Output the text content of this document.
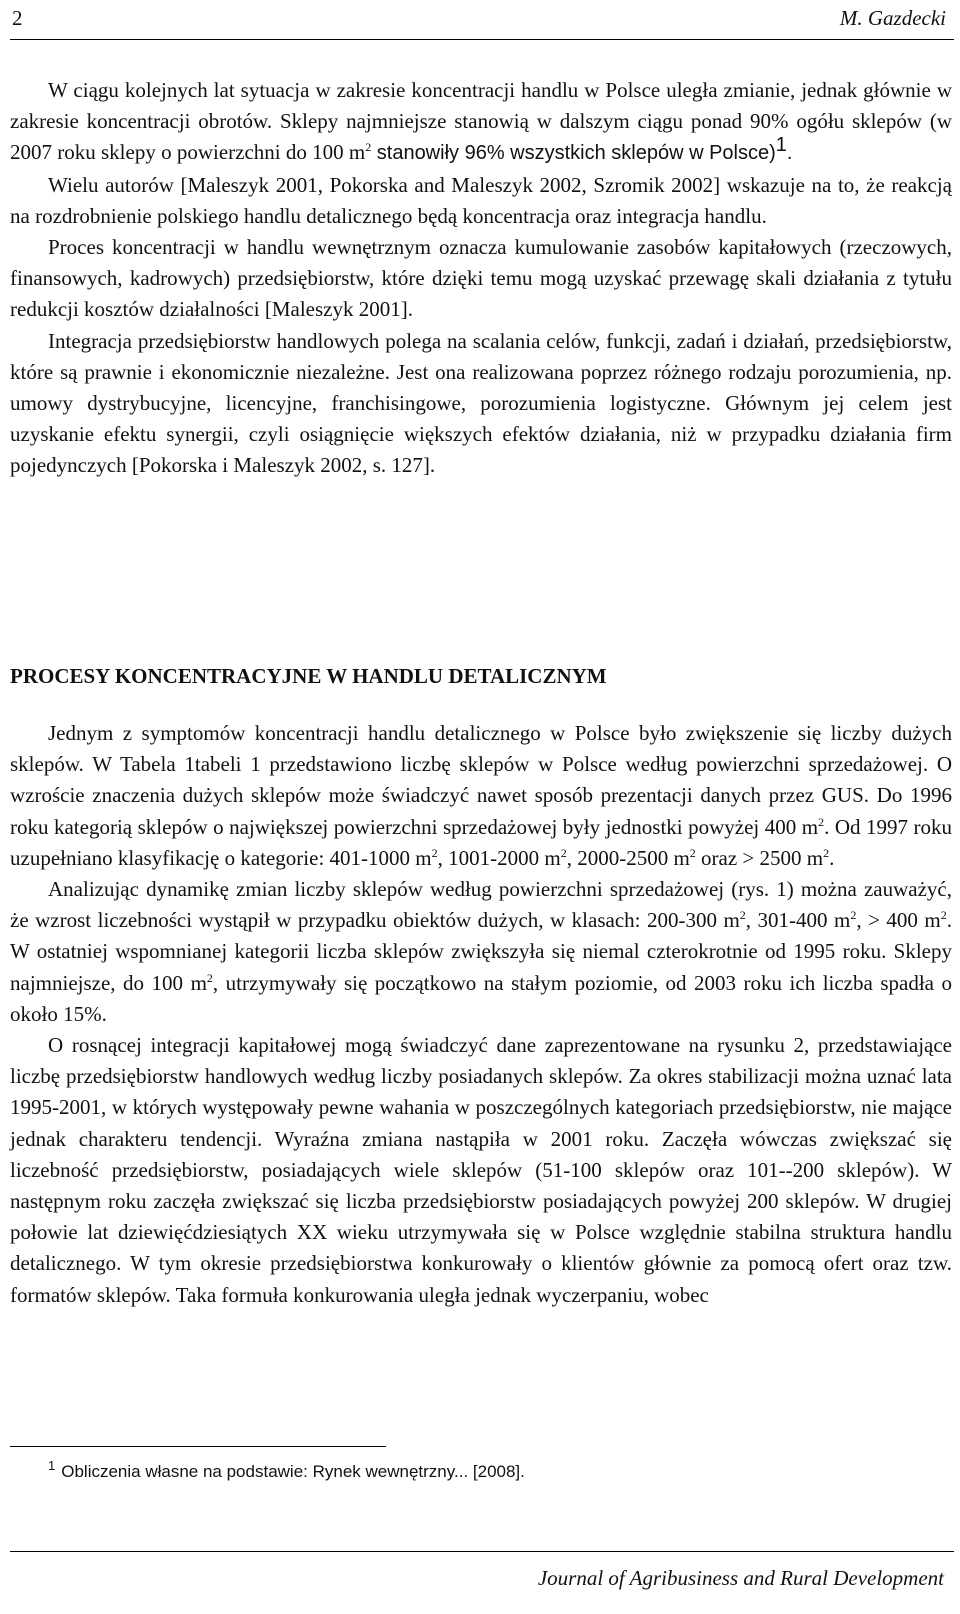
2	M. Gazdecki

W ciągu kolejnych lat sytuacja w zakresie koncentracji handlu w Polsce uległa zmianie, jednak głównie w zakresie koncentracji obrotów. Sklepy najmniejsze stanowią w dalszym ciągu ponad 90% ogółu sklepów (w 2007 roku sklepy o powierzchni do 100 $m^2$ stanowiły 96% wszystkich sklepów w Polsce)$^1$.

Wielu autorów [Maleszyk 2001, Pokorska and Maleszyk 2002, Szromik 2002] wskazuje na to, że reakcją na rozdrobnienie polskiego handlu detalicznego będą koncentracja oraz integracja handlu.

Proces koncentracji w handlu wewnętrznym oznacza kumulowanie zasobów kapitałowych (rzeczowych, finansowych, kadrowych) przedsiębiorstw, które dzięki temu mogą uzyskać przewagę skali działania z tytułu redukcji kosztów działalności [Maleszyk 2001].

Integracja przedsiębiorstw handlowych polega na scalania celów, funkcji, zadań i działań, przedsiębiorstw, które są prawnie i ekonomicznie niezależne. Jest ona realizowana poprzez różnego rodzaju porozumienia, np. umowy dystrybucyjne, licencyjne, franchisingowe, porozumienia logistyczne. Głównym jej celem jest uzyskanie efektu synergii, czyli osiągnięcie większych efektów działania, niż w przypadku działania firm pojedynczych [Pokorska i Maleszyk 2002, s. 127].

PROCESY KONCENTRACYJNE W HANDLU DETALICZNYM

Jednym z symptomów koncentracji handlu detalicznego w Polsce było zwiększenie się liczby dużych sklepów. W Tabela 1tabeli 1 przedstawiono liczbę sklepów w Polsce według powierzchni sprzedażowej. O wzroście znaczenia dużych sklepów może świadczyć nawet sposób prezentacji danych przez GUS. Do 1996 roku kategorią sklepów o największej powierzchni sprzedażowej były jednostki powyżej 400 $m^2$. Od 1997 roku uzupełniano klasyfikację o kategorie: 401-1000 $m^2$, 1001-2000 $m^2$, 2000-2500 $m^2$ oraz > 2500 $m^2$.

Analizując dynamikę zmian liczby sklepów według powierzchni sprzedażowej (rys. 1) można zauważyć, że wzrost liczebności wystąpił w przypadku obiektów dużych, w klasach: 200-300 $m^2$, 301-400 $m^2$, > 400 $m^2$. W ostatniej wspomnianej kategorii liczba sklepów zwiększyła się niemal czterokrotnie od 1995 roku. Sklepy najmniejsze, do 100 $m^2$, utrzymywały się początkowo na stałym poziomie, od 2003 roku ich liczba spadła o około 15%.

O rosnącej integracji kapitałowej mogą świadczyć dane zaprezentowane na rysunku 2, przedstawiające liczbę przedsiębiorstw handlowych według liczby posiadanych sklepów. Za okres stabilizacji można uznać lata 1995-2001, w których występowały pewne wahania w poszczególnych kategoriach przedsiębiorstw, nie mające jednak charakteru tendencji. Wyraźna zmiana nastąpiła w 2001 roku. Zaczęła wówczas zwiększać się liczebność przedsiębiorstw, posiadających wiele sklepów (51-100 sklepów oraz 101--200 sklepów). W następnym roku zaczęła zwiększać się liczba przedsiębiorstw posiadających powyżej 200 sklepów. W drugiej połowie lat dziewięćdziesiątych XX wieku utrzymywała się w Polsce względnie stabilna struktura handlu detalicznego. W tym okresie przedsiębiorstwa konkurowały o klientów głównie za pomocą ofert oraz tzw. formatów sklepów. Taka formuła konkurowania uległa jednak wyczerpaniu, wobec

$^1$ Obliczenia własne na podstawie: Rynek wewnętrzny... [2008].
Journal of Agribusiness and Rural Development
